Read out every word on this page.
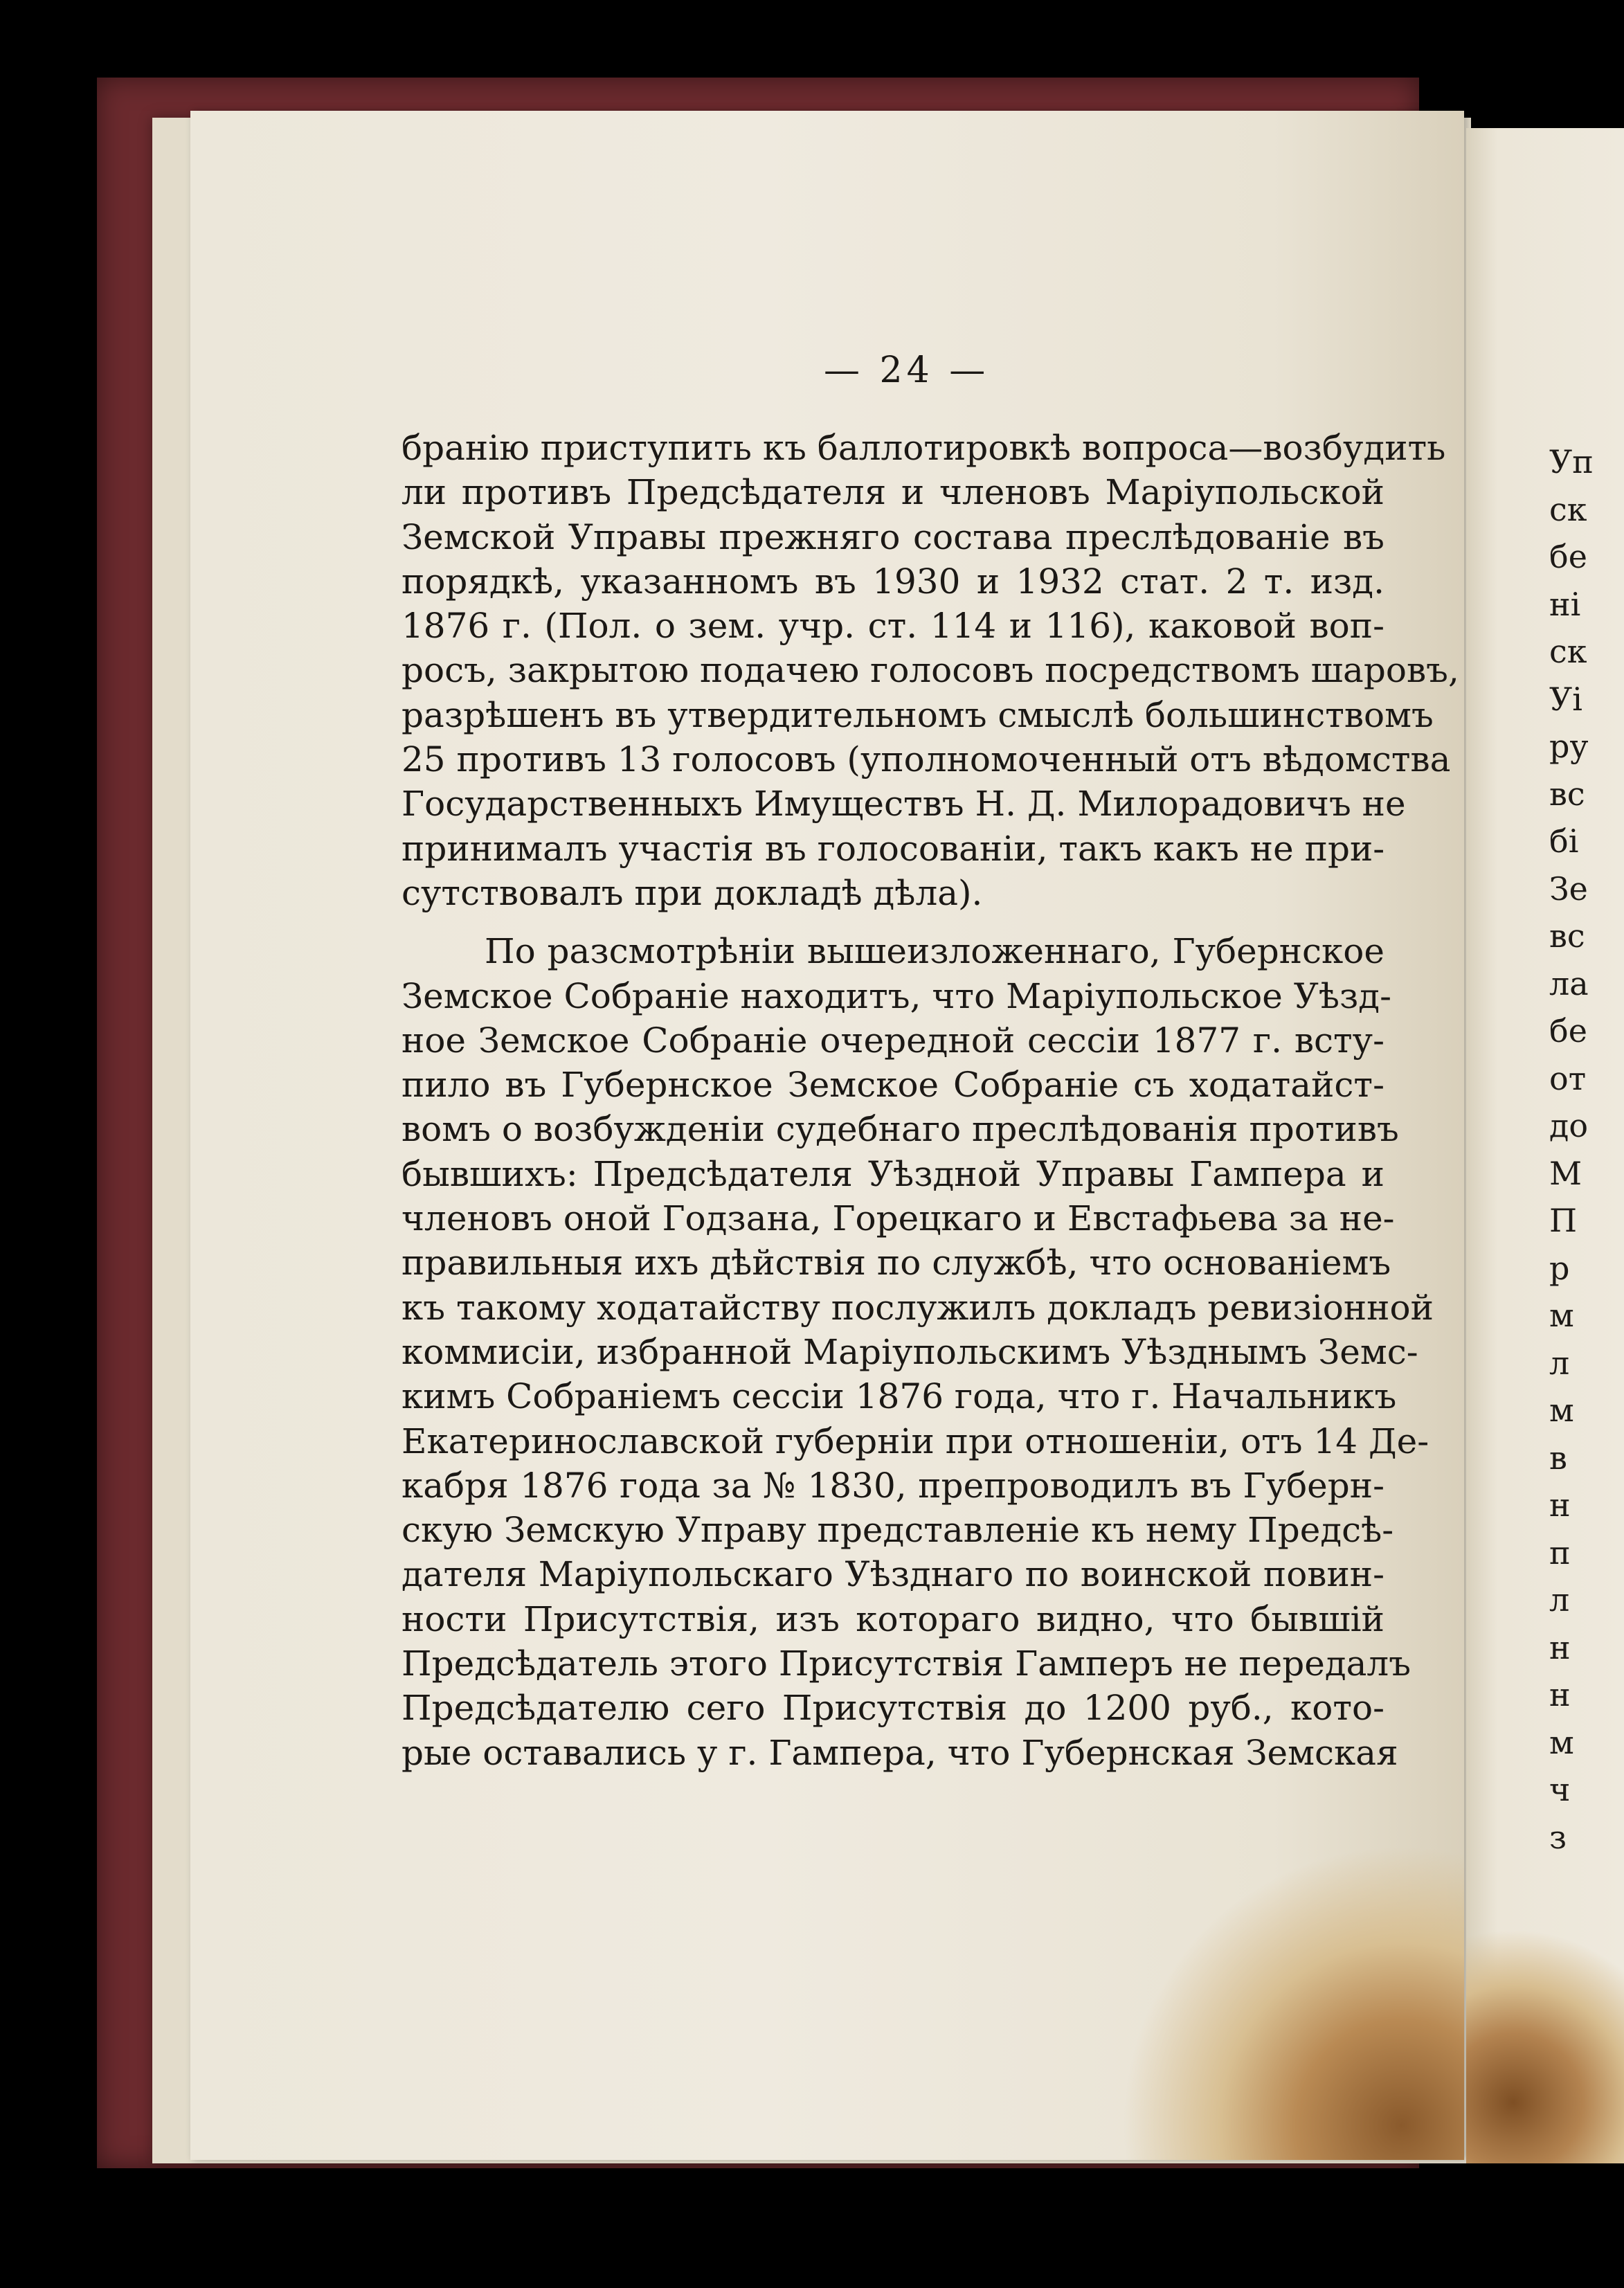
Уп
ск
бе
ні
ск
Уі
ру
вс
бі
Зе
вс
ла
бе
от
до
М
П
р
м
л
м
в
н
п
л
н
н
м
ч
з
— 24 —
бранію приступить къ баллотировкѣ вопроса—возбудить
ли противъ Предсѣдателя и членовъ Маріупольской
Земской Управы прежняго состава преслѣдованіе въ
порядкѣ, указанномъ въ 1930 и 1932 стат. 2 т. изд.
1876 г. (Пол. о зем. учр. ст. 114 и 116), каковой воп-
росъ, закрытою подачею голосовъ посредствомъ шаровъ,
разрѣшенъ въ утвердительномъ смыслѣ большинствомъ
25 противъ 13 голосовъ (уполномоченный отъ вѣдомства
Государственныхъ Имуществъ Н. Д. Милорадовичъ не
принималъ участія въ голосованіи, такъ какъ не при-
сутствовалъ при докладѣ дѣла).
По разсмотрѣніи вышеизложеннаго, Губернское
Земское Собраніе находитъ, что Маріупольское Уѣзд-
ное Земское Собраніе очередной сессіи 1877 г. всту-
пило въ Губернское Земское Собраніе съ ходатайст-
вомъ о возбужденіи судебнаго преслѣдованія противъ
бывшихъ: Предсѣдателя Уѣздной Управы Гампера и
членовъ оной Годзана, Горецкаго и Евстафьева за не-
правильныя ихъ дѣйствія по службѣ, что основаніемъ
къ такому ходатайству послужилъ докладъ ревизіонной
коммисіи, избранной Маріупольскимъ Уѣзднымъ Земс-
кимъ Собраніемъ сессіи 1876 года, что г. Начальникъ
Екатеринославской губерніи при отношеніи, отъ 14 Де-
кабря 1876 года за № 1830, препроводилъ въ Губерн-
скую Земскую Управу представленіе къ нему Предсѣ-
дателя Маріупольскаго Уѣзднаго по воинской повин-
ности Присутствія, изъ котораго видно, что бывшій
Предсѣдатель этого Присутствія Гамперъ не передалъ
Предсѣдателю сего Присутствія до 1200 руб., кото-
рые оставались у г. Гампера, что Губернская Земская
